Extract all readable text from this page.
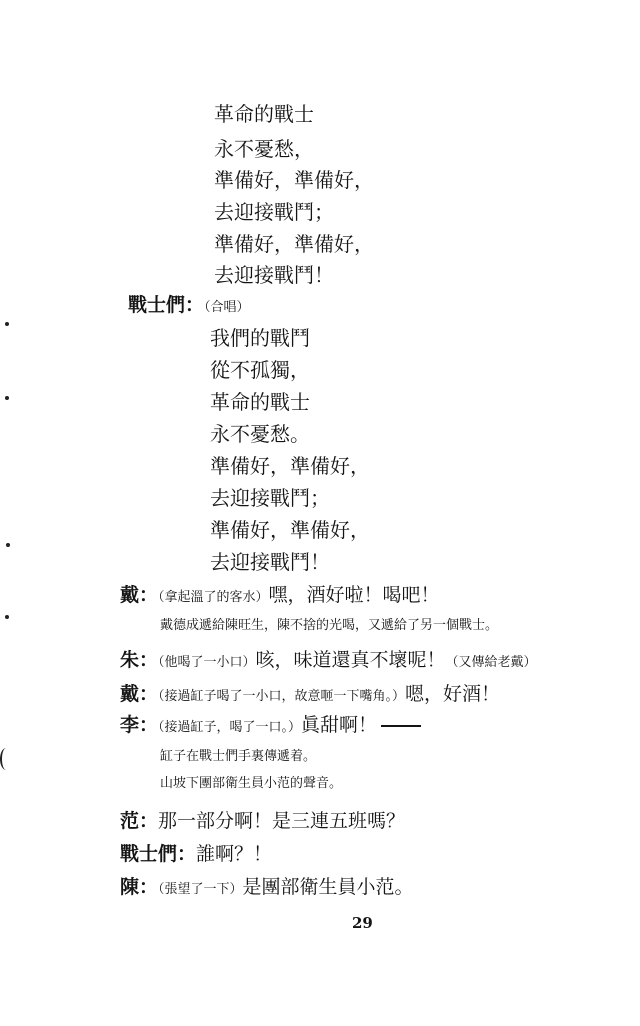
革命的戰士
永不憂愁，
準備好，準備好，
去迎接戰鬥；
準備好，準備好，
去迎接戰鬥！
戰士們：（合唱）
我們的戰鬥
從不孤獨，
革命的戰士
永不憂愁。
準備好，準備好，
去迎接戰鬥；
準備好，準備好，
去迎接戰鬥！
戴：（拿起溫了的客水）嘿，酒好啦！喝吧！
戴德成遞給陳旺生，陳不捨的光喝，又遞給了另一個戰士。
朱：（他喝了一小口）咳，味道還真不壞呢！（又傳給老戴）
戴：（接過缸子喝了一小口，故意咂一下嘴角。）嗯，好酒！
李：（接過缸子，喝了一口。）眞甜啊！
缸子在戰士們手裏傳遞着。
山坡下團部衛生員小范的聲音。
范：那一部分啊！是三連五班嗎？
戰士們：誰啊？！
陳：（張望了一下）是團部衛生員小范。
29
